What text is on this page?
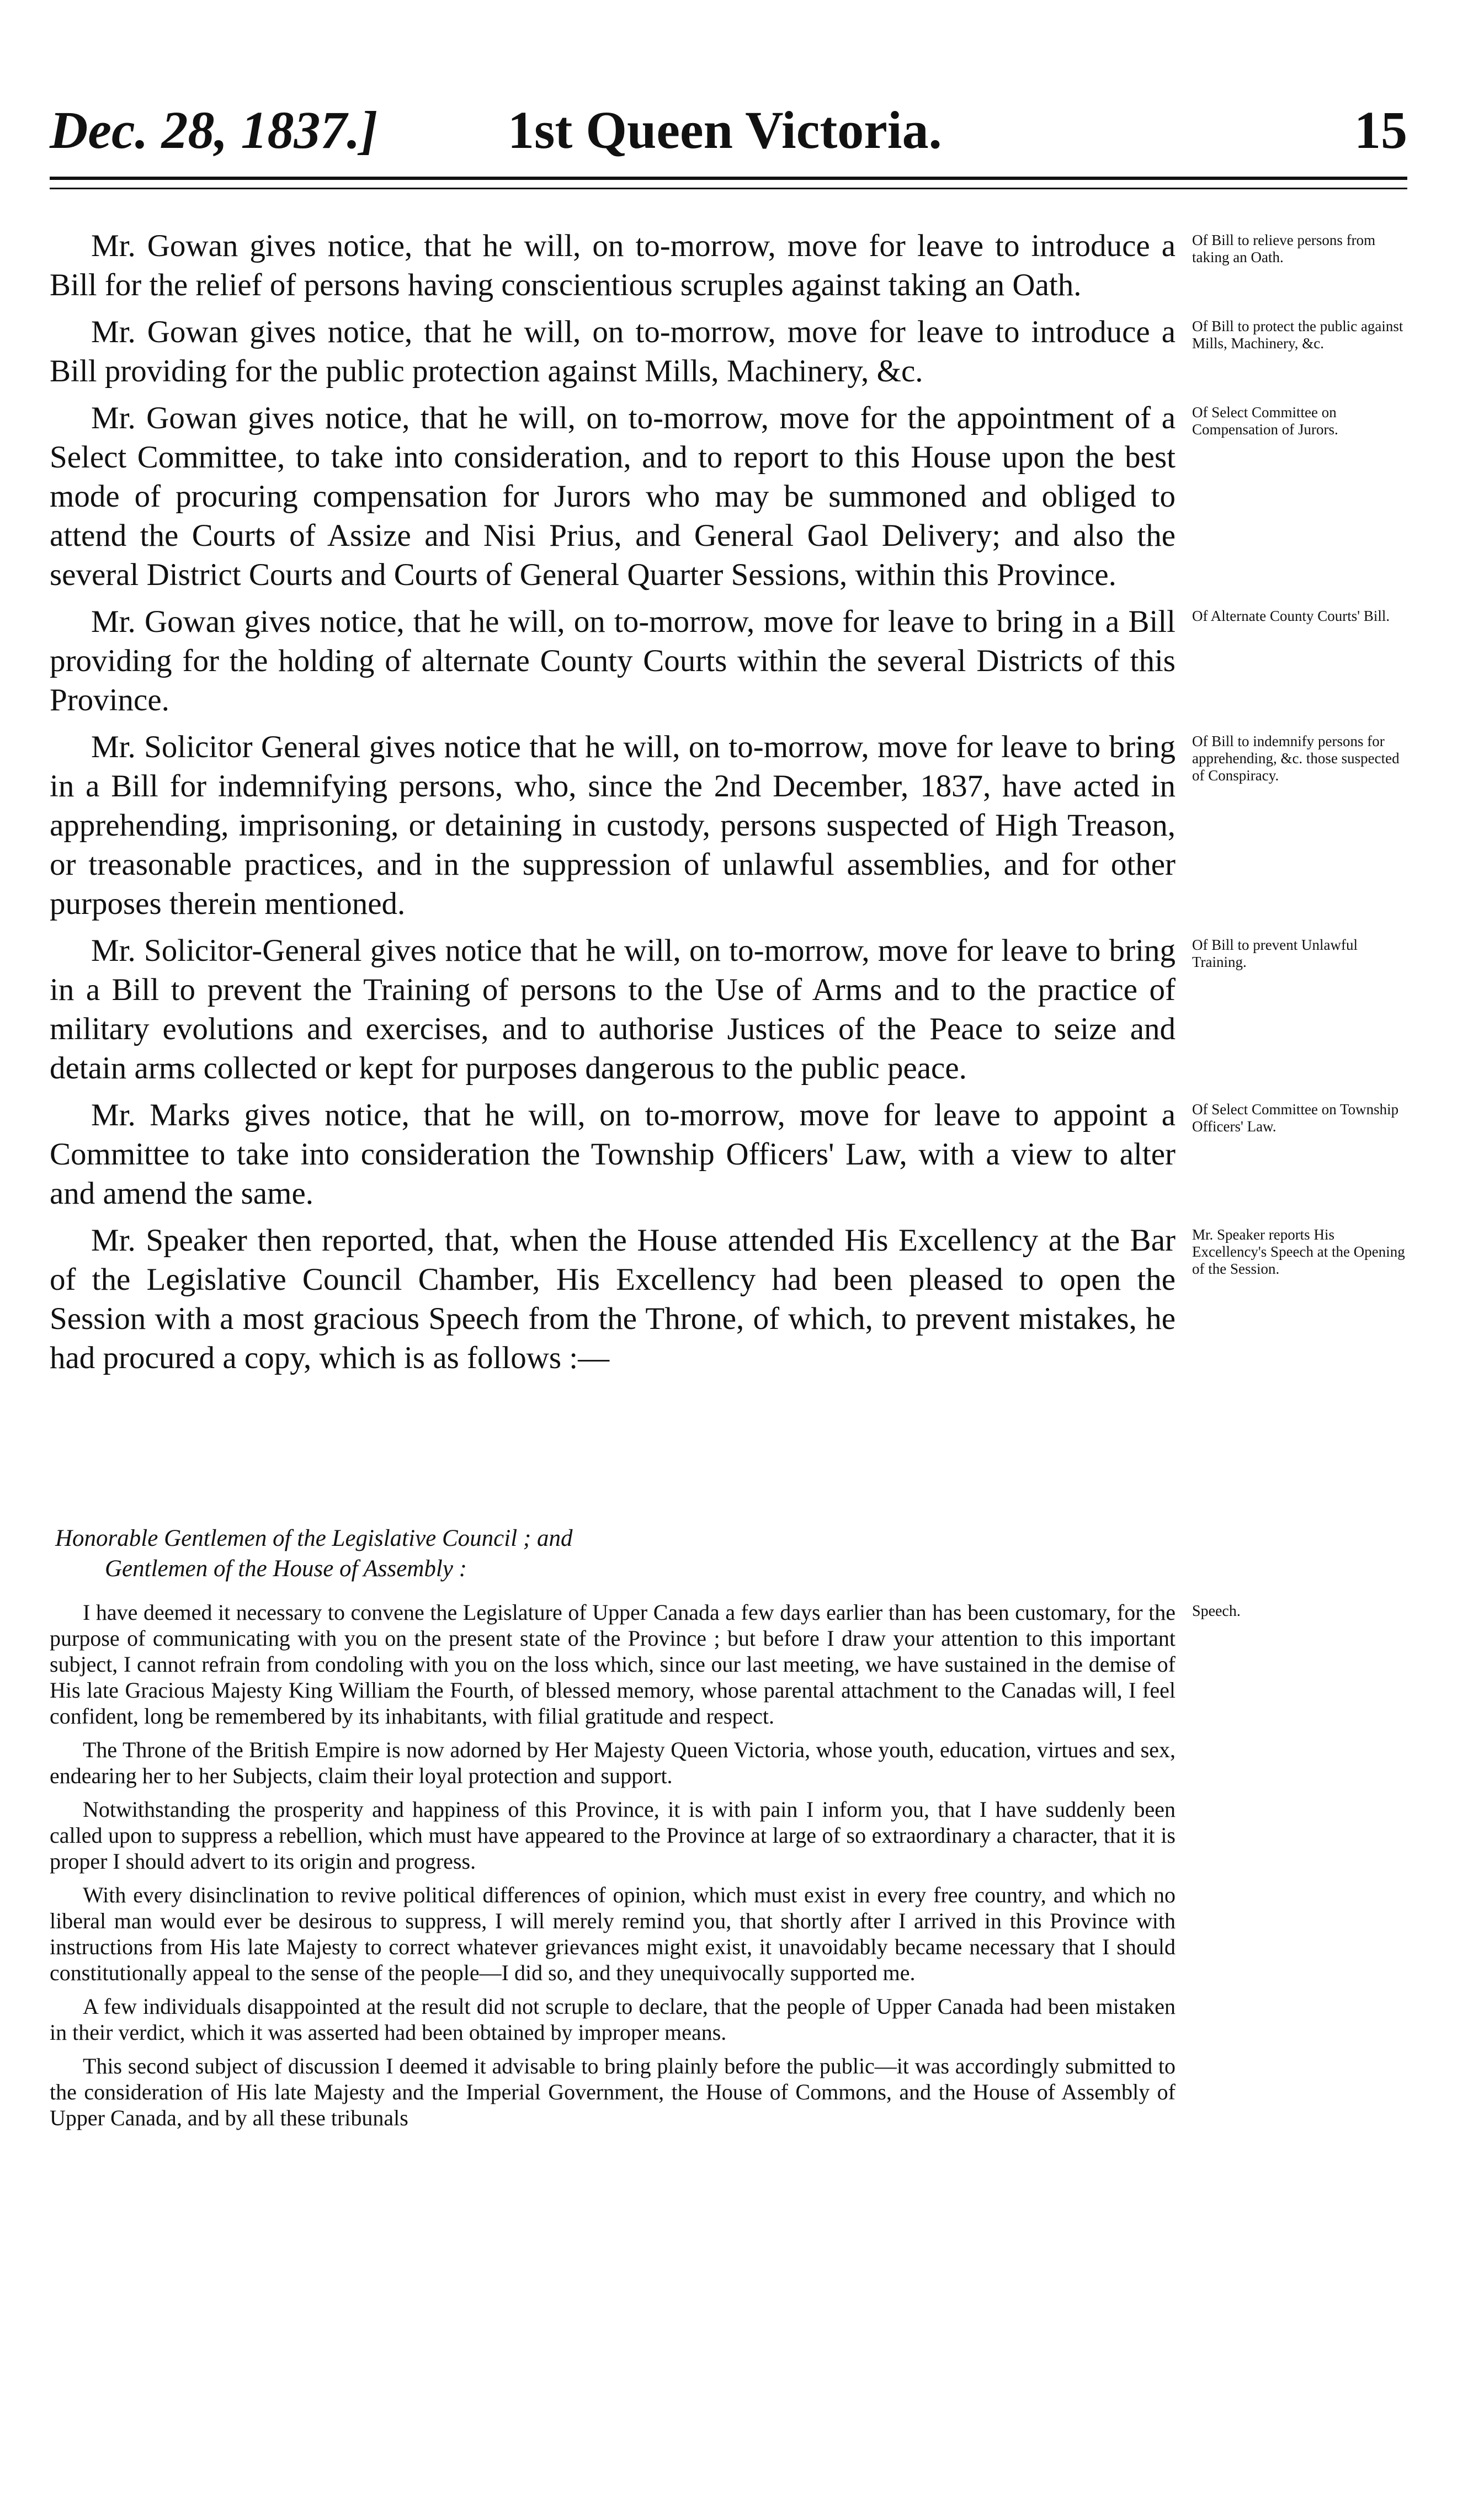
Dec. 28, 1837.] 1st Queen Victoria.	15

Mr. Gowan gives notice, that he will, on to-morrow, move for leave to introduce a Bill for the relief of persons having conscientious scruples against taking an Oath.

Of Bill to relieve persons from taking an Oath.

Mr. Gowan gives notice, that he will, on to-morrow, move for leave to introduce a Bill providing for the public protection against Mills, Machinery, &c.

Of Bill to protect the public against Mills, Machinery, &c.

Mr. Gowan gives notice, that he will, on to-morrow, move for the appointment of a Select Committee, to take into consideration, and to report to this House upon the best mode of procuring compensation for Jurors who may be summoned and obliged to attend the Courts of Assize and Nisi Prius, and General Gaol Delivery; and also the several District Courts and Courts of General Quarter Sessions, within this Province.

Of Select Committee on Compensation of Jurors.

Mr. Gowan gives notice, that he will, on to-morrow, move for leave to bring in a Bill providing for the holding of alternate County Courts within the several Districts of this Province.

Of Alternate County Courts' Bill.

Mr. Solicitor General gives notice that he will, on to-morrow, move for leave to bring in a Bill for indemnifying persons, who, since the 2nd December, 1837, have acted in apprehending, imprisoning, or detaining in custody, persons suspected of High Treason, or treasonable practices, and in the suppression of unlawful assemblies, and for other purposes therein mentioned.

Of Bill to indemnify persons for apprehending, &c. those suspected of Conspiracy.

Mr. Solicitor-General gives notice that he will, on to-morrow, move for leave to bring in a Bill to prevent the Training of persons to the Use of Arms and to the practice of military evolutions and exercises, and to authorise Justices of the Peace to seize and detain arms collected or kept for purposes dangerous to the public peace.

Of Bill to prevent Unlawful Training.

Mr. Marks gives notice, that he will, on to-morrow, move for leave to appoint a Committee to take into consideration the Township Officers' Law, with a view to alter and amend the same.

Of Select Committee on Township Officers' Law.

Mr. Speaker then reported, that, when the House attended His Excellency at the Bar of the Legislative Council Chamber, His Excellency had been pleased to open the Session with a most gracious Speech from the Throne, of which, to prevent mistakes, he had procured a copy, which is as follows :—

Mr. Speaker reports His Excellency's Speech at the Opening of the Session.
Honorable Gentlemen of the Legislative Council ; and
Gentlemen of the House of Assembly :
Speech.

I have deemed it necessary to convene the Legislature of Upper Canada a few days earlier than has been customary, for the purpose of communicating with you on the present state of the Province ; but before I draw your attention to this important subject, I cannot refrain from condoling with you on the loss which, since our last meeting, we have sustained in the demise of His late Gracious Majesty King William the Fourth, of blessed memory, whose parental attachment to the Canadas will, I feel confident, long be remembered by its inhabitants, with filial gratitude and respect.

The Throne of the British Empire is now adorned by Her Majesty Queen Victoria, whose youth, education, virtues and sex, endearing her to her Subjects, claim their loyal protection and support.

Notwithstanding the prosperity and happiness of this Province, it is with pain I inform you, that I have suddenly been called upon to suppress a rebellion, which must have appeared to the Province at large of so extraordinary a character, that it is proper I should advert to its origin and progress.

With every disinclination to revive political differences of opinion, which must exist in every free country, and which no liberal man would ever be desirous to suppress, I will merely remind you, that shortly after I arrived in this Province with instructions from His late Majesty to correct whatever grievances might exist, it unavoidably became necessary that I should constitutionally appeal to the sense of the people—I did so, and they unequivocally supported me.

A few individuals disappointed at the result did not scruple to declare, that the people of Upper Canada had been mistaken in their verdict, which it was asserted had been obtained by improper means.

This second subject of discussion I deemed it advisable to bring plainly before the public—it was accordingly submitted to the consideration of His late Majesty and the Imperial Government, the House of Commons, and the House of Assembly of Upper Canada, and by all these tribunals
